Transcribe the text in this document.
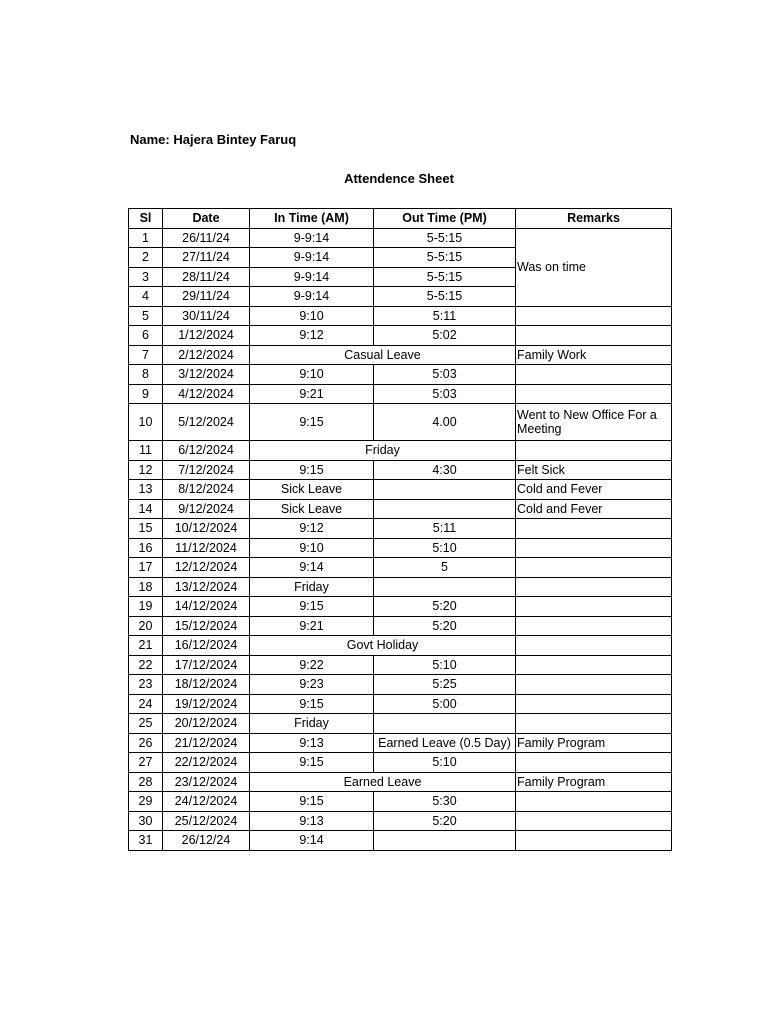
Name: Hajera Bintey Faruq
Attendence Sheet
Sl	Date	In Time (AM)	Out Time (PM)	Remarks
1	26/11/24	9-9:14	5-5:15	Was on time
2	27/11/24	9-9:14	5-5:15	
3	28/11/24	9-9:14	5-5:15	
4	29/11/24	9-9:14	5-5:15	
5	30/11/24	9:10	5:11	
6	1/12/2024	9:12	5:02	
7	2/12/2024	Casual Leave		Family Work
8	3/12/2024	9:10	5:03	
9	4/12/2024	9:21	5:03	
10	5/12/2024	9:15	4.00	Went to New Office For a Meeting
11	6/12/2024	Friday		
12	7/12/2024	9:15	4:30	Felt Sick
13	8/12/2024	Sick Leave		Cold and Fever
14	9/12/2024	Sick Leave		Cold and Fever
15	10/12/2024	9:12	5:11	
16	11/12/2024	9:10	5:10	
17	12/12/2024	9:14	5	
18	13/12/2024	Friday		
19	14/12/2024	9:15	5:20	
20	15/12/2024	9:21	5:20	
21	16/12/2024	Govt Holiday		
22	17/12/2024	9:22	5:10	
23	18/12/2024	9:23	5:25	
24	19/12/2024	9:15	5:00	
25	20/12/2024	Friday		
26	21/12/2024	9:13	Earned Leave (0.5 Day)	Family Program
27	22/12/2024	9:15	5:10	
28	23/12/2024	Earned Leave		Family Program
29	24/12/2024	9:15	5:30	
30	25/12/2024	9:13	5:20	
31	26/12/24	9:14		
